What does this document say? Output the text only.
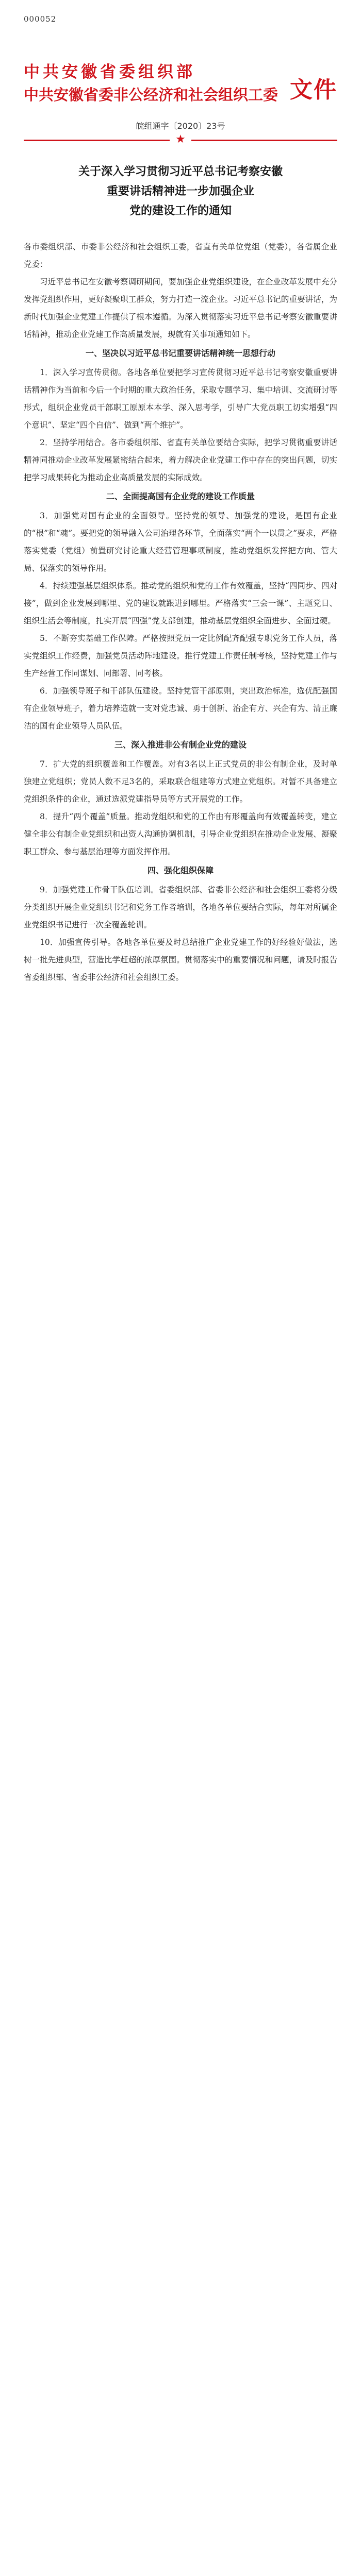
000052
中共安徽省委组织部
中共安徽省委非公经济和社会组织工委 文件
皖组通字〔2020〕23号
★
关于深入学习贯彻习近平总书记考察安徽
重要讲话精神进一步加强企业
党的建设工作的通知

各市委组织部、市委非公经济和社会组织工委，省直有关单位党组（党委），各省属企业党委：

习近平总书记在安徽考察调研期间，要加强企业党组织建设，在企业改革发展中充分发挥党组织作用，更好凝聚职工群众，努力打造一流企业。习近平总书记的重要讲话，为新时代加强企业党建工作提供了根本遵循。为深入贯彻落实习近平总书记考察安徽重要讲话精神，推动企业党建工作高质量发展，现就有关事项通知如下。

一、坚决以习近平总书记重要讲话精神统一思想行动

1．深入学习宣传贯彻。各地各单位要把学习宣传贯彻习近平总书记考察安徽重要讲话精神作为当前和今后一个时期的重大政治任务，采取专题学习、集中培训、交流研讨等形式，组织企业党员干部职工原原本本学、深入思考学，引导广大党员职工切实增强“四个意识”、坚定“四个自信”、做到“两个维护”。

2．坚持学用结合。各市委组织部、省直有关单位要结合实际，把学习贯彻重要讲话精神同推动企业改革发展紧密结合起来，着力解决企业党建工作中存在的突出问题，切实把学习成果转化为推动企业高质量发展的实际成效。

二、全面提高国有企业党的建设工作质量

3．加强党对国有企业的全面领导。坚持党的领导、加强党的建设，是国有企业的“根”和“魂”。要把党的领导融入公司治理各环节，全面落实“两个一以贯之”要求，严格落实党委（党组）前置研究讨论重大经营管理事项制度，推动党组织发挥把方向、管大局、保落实的领导作用。

4．持续建强基层组织体系。推动党的组织和党的工作有效覆盖，坚持“四同步、四对接”，做到企业发展到哪里、党的建设就跟进到哪里。严格落实“三会一课”、主题党日、组织生活会等制度，扎实开展“四强”党支部创建，推动基层党组织全面进步、全面过硬。

5．不断夯实基础工作保障。严格按照党员一定比例配齐配强专职党务工作人员，落实党组织工作经费，加强党员活动阵地建设。推行党建工作责任制考核，坚持党建工作与生产经营工作同谋划、同部署、同考核。

6．加强领导班子和干部队伍建设。坚持党管干部原则，突出政治标准，选优配强国有企业领导班子，着力培养造就一支对党忠诚、勇于创新、治企有方、兴企有为、清正廉洁的国有企业领导人员队伍。

三、深入推进非公有制企业党的建设

7．扩大党的组织覆盖和工作覆盖。对有3名以上正式党员的非公有制企业，及时单独建立党组织；党员人数不足3名的，采取联合组建等方式建立党组织。对暂不具备建立党组织条件的企业，通过选派党建指导员等方式开展党的工作。

8．提升“两个覆盖”质量。推动党组织和党的工作由有形覆盖向有效覆盖转变，建立健全非公有制企业党组织和出资人沟通协调机制，引导企业党组织在推动企业发展、凝聚职工群众、参与基层治理等方面发挥作用。

四、强化组织保障

9．加强党建工作骨干队伍培训。省委组织部、省委非公经济和社会组织工委将分级分类组织开展企业党组织书记和党务工作者培训，各地各单位要结合实际，每年对所属企业党组织书记进行一次全覆盖轮训。

10．加强宣传引导。各地各单位要及时总结推广企业党建工作的好经验好做法，选树一批先进典型，营造比学赶超的浓厚氛围。贯彻落实中的重要情况和问题，请及时报告省委组织部、省委非公经济和社会组织工委。
